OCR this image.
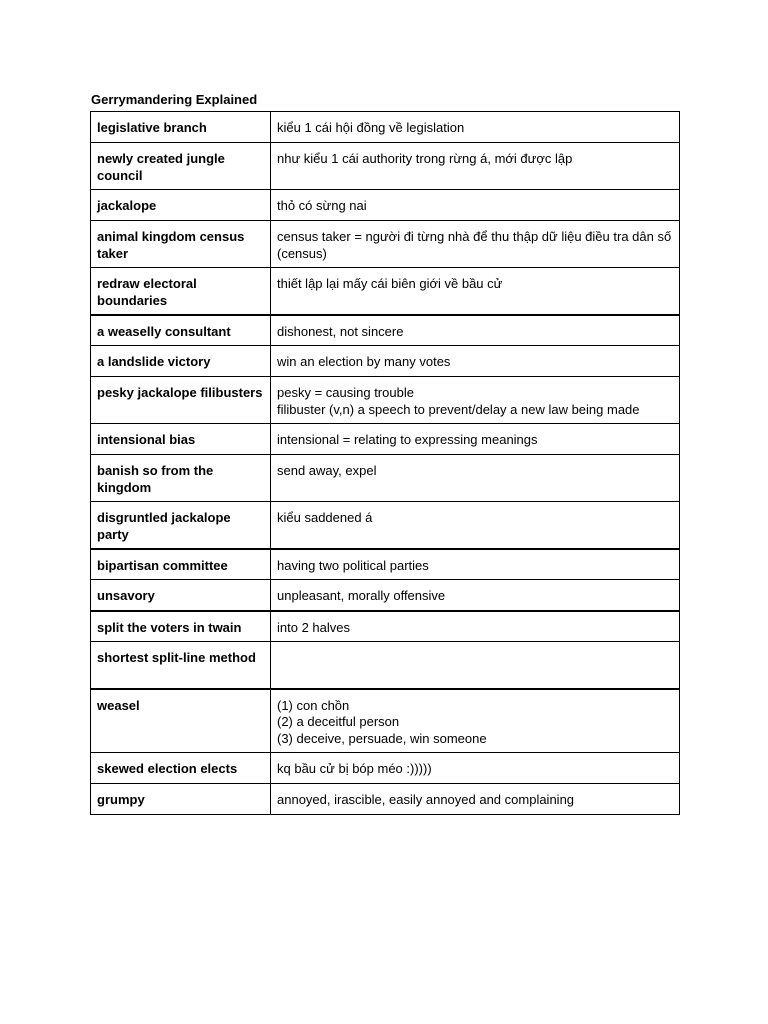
Gerrymandering Explained
legislative branch	kiểu 1 cái hội đồng về legislation
newly created jungle council	như kiểu 1 cái authority trong rừng á, mới được lập
jackalope	thỏ có sừng nai
animal kingdom census taker	census taker = người đi từng nhà để thu thập dữ liệu điều tra dân số (census)
redraw electoral boundaries	thiết lập lại mấy cái biên giới về bầu cử
a weaselly consultant	dishonest, not sincere
a landslide victory	win an election by many votes
pesky jackalope filibusters	pesky = causing trouble
filibuster (v,n) a speech to prevent/delay a new law being made
intensional bias	intensional = relating to expressing meanings
banish so from the kingdom	send away, expel
disgruntled jackalope party	kiểu saddened á
bipartisan committee	having two political parties
unsavory	unpleasant, morally offensive
split the voters in twain	into 2 halves
shortest split-line method	
weasel	(1) con chồn
(2) a deceitful person
(3) deceive, persuade, win someone
skewed election elects	kq bầu cử bị bóp méo :)))))
grumpy	annoyed, irascible, easily annoyed and complaining
